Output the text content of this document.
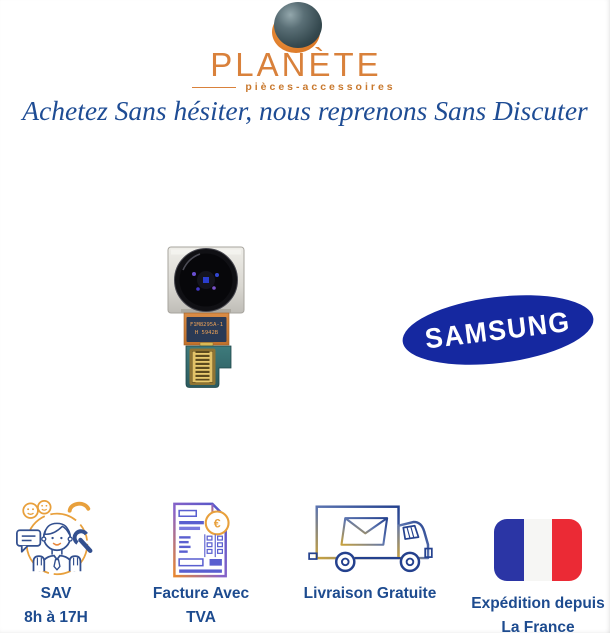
PLANÈTE
pièces-accessoires
Achetez Sans hésiter, nous reprenons Sans Discuter
F1M8295A-1
H 5942B	SAMSUNG
SAV
8h à 17H
€
Facture Avec
TVA
Livraison Gratuite
Expédition depuis
La France
